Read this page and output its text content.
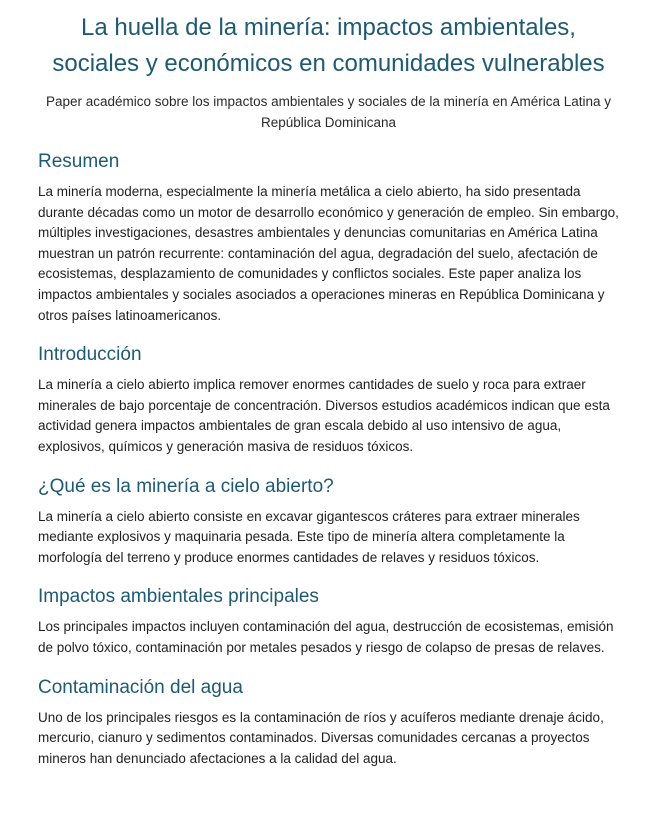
La huella de la minería: impactos ambientales, sociales y económicos en comunidades vulnerables
Paper académico sobre los impactos ambientales y sociales de la minería en América Latina y República Dominicana
Resumen

La minería moderna, especialmente la minería metálica a cielo abierto, ha sido presentada durante décadas como un motor de desarrollo económico y generación de empleo. Sin embargo, múltiples investigaciones, desastres ambientales y denuncias comunitarias en América Latina muestran un patrón recurrente: contaminación del agua, degradación del suelo, afectación de ecosistemas, desplazamiento de comunidades y conflictos sociales. Este paper analiza los impactos ambientales y sociales asociados a operaciones mineras en República Dominicana y otros países latinoamericanos.

Introducción

La minería a cielo abierto implica remover enormes cantidades de suelo y roca para extraer minerales de bajo porcentaje de concentración. Diversos estudios académicos indican que esta actividad genera impactos ambientales de gran escala debido al uso intensivo de agua, explosivos, químicos y generación masiva de residuos tóxicos.

¿Qué es la minería a cielo abierto?

La minería a cielo abierto consiste en excavar gigantescos cráteres para extraer minerales mediante explosivos y maquinaria pesada. Este tipo de minería altera completamente la morfología del terreno y produce enormes cantidades de relaves y residuos tóxicos.

Impactos ambientales principales

Los principales impactos incluyen contaminación del agua, destrucción de ecosistemas, emisión de polvo tóxico, contaminación por metales pesados y riesgo de colapso de presas de relaves.

Contaminación del agua

Uno de los principales riesgos es la contaminación de ríos y acuíferos mediante drenaje ácido, mercurio, cianuro y sedimentos contaminados. Diversas comunidades cercanas a proyectos mineros han denunciado afectaciones a la calidad del agua.
